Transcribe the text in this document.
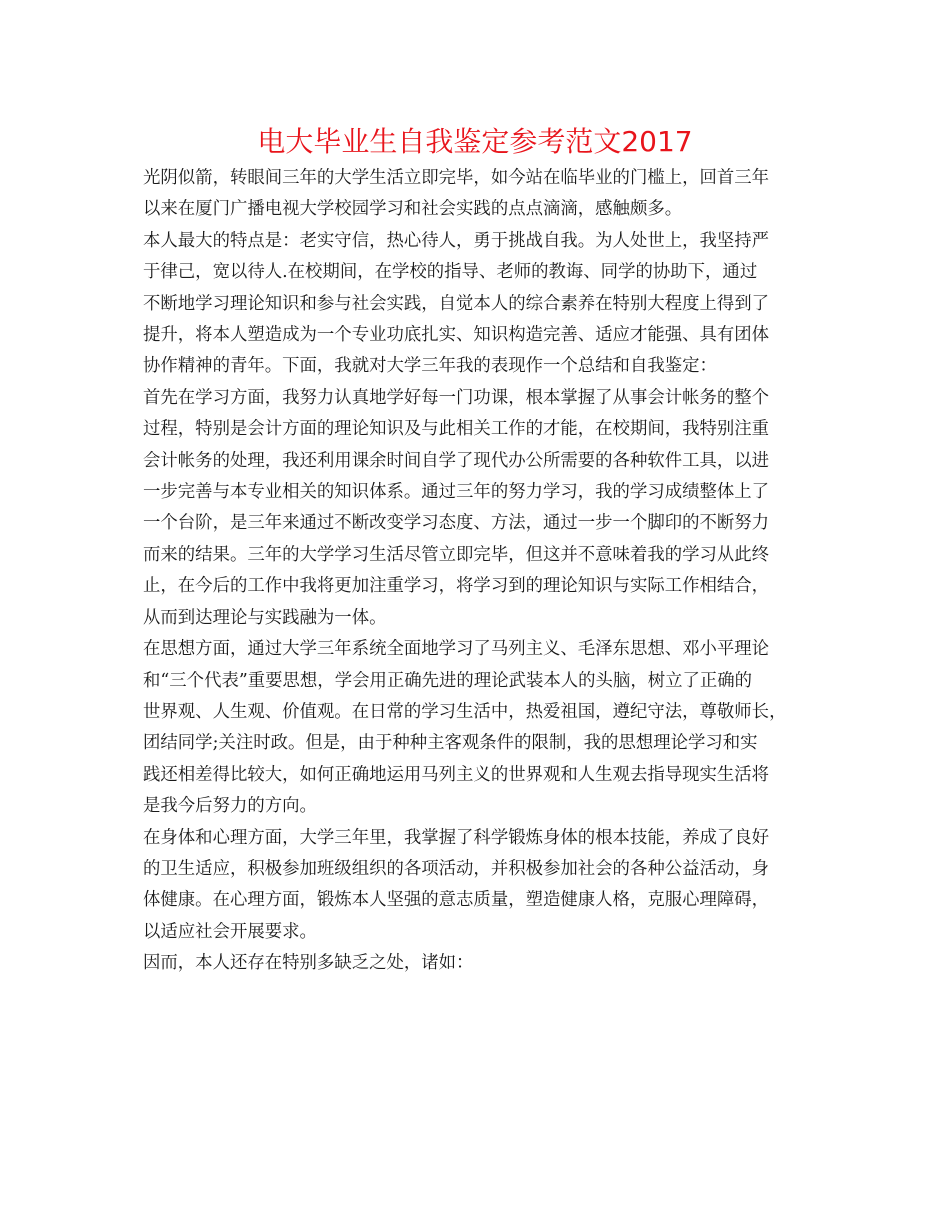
电大毕业生自我鉴定参考范文2017

光阴似箭，转眼间三年的大学生活立即完毕，如今站在临毕业的门槛上，回首三年
以来在厦门广播电视大学校园学习和社会实践的点点滴滴，感触颇多。

本人最大的特点是：老实守信，热心待人，勇于挑战自我。为人处世上，我坚持严
于律己，宽以待人.在校期间，在学校的指导、老师的教诲、同学的协助下，通过
不断地学习理论知识和参与社会实践，自觉本人的综合素养在特别大程度上得到了
提升，将本人塑造成为一个专业功底扎实、知识构造完善、适应才能强、具有团体
协作精神的青年。下面，我就对大学三年我的表现作一个总结和自我鉴定：

首先在学习方面，我努力认真地学好每一门功课，根本掌握了从事会计帐务的整个
过程，特别是会计方面的理论知识及与此相关工作的才能，在校期间，我特别注重
会计帐务的处理，我还利用课余时间自学了现代办公所需要的各种软件工具，以进
一步完善与本专业相关的知识体系。通过三年的努力学习，我的学习成绩整体上了
一个台阶，是三年来通过不断改变学习态度、方法，通过一步一个脚印的不断努力
而来的结果。三年的大学学习生活尽管立即完毕，但这并不意味着我的学习从此终
止，在今后的工作中我将更加注重学习，将学习到的理论知识与实际工作相结合，
从而到达理论与实践融为一体。

在思想方面，通过大学三年系统全面地学习了马列主义、毛泽东思想、邓小平理论
和“三个代表”重要思想，学会用正确先进的理论武装本人的头脑，树立了正确的
世界观、人生观、价值观。在日常的学习生活中，热爱祖国，遵纪守法，尊敬师长，
团结同学;关注时政。但是，由于种种主客观条件的限制，我的思想理论学习和实
践还相差得比较大，如何正确地运用马列主义的世界观和人生观去指导现实生活将
是我今后努力的方向。

在身体和心理方面，大学三年里，我掌握了科学锻炼身体的根本技能，养成了良好
的卫生适应，积极参加班级组织的各项活动，并积极参加社会的各种公益活动，身
体健康。在心理方面，锻炼本人坚强的意志质量，塑造健康人格，克服心理障碍，
以适应社会开展要求。

因而，本人还存在特别多缺乏之处，诸如：
